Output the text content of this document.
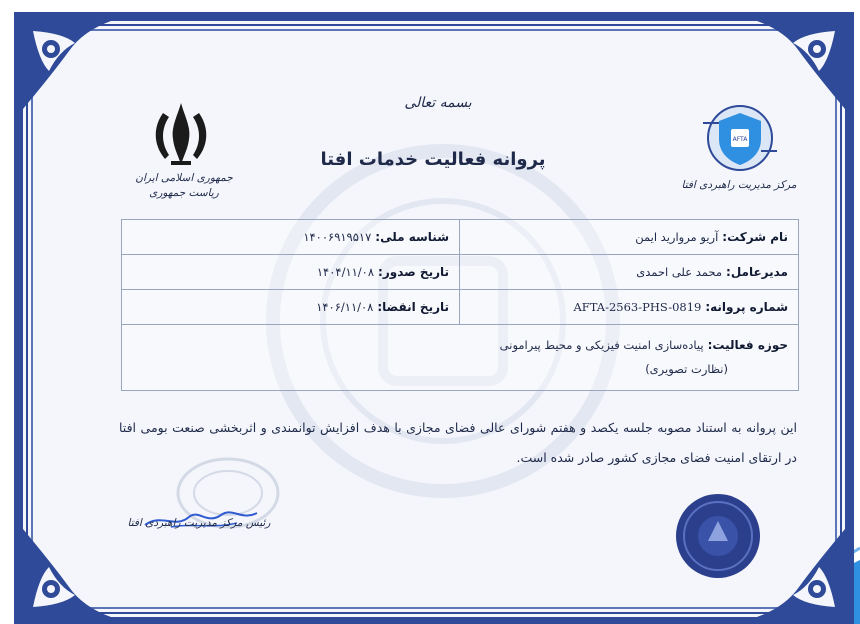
بسمه تعالی
پروانه فعالیت خدمات افتا
جمهوری اسلامی ایران
ریاست جمهوری
AFTA
مرکز مدیریت راهبردی افتا
نام شرکت:
آریو مروارید ایمن
شناسه ملی:
۱۴۰۰۶۹۱۹۵۱۷
مدیرعامل:
محمد علی احمدی
تاریخ صدور:
۱۴۰۴/۱۱/۰۸
شماره پروانه:
AFTA-2563-PHS-0819
تاریخ انقضا:
۱۴۰۶/۱۱/۰۸
حوزه فعالیت:
پیاده‌سازی امنیت فیزیکی و محیط پیرامونی
(نظارت تصویری)
این پروانه به استناد مصوبه جلسه یکصد و هفتم شورای عالی فضای مجازی با هدف افزایش توانمندی و اثربخشی صنعت بومی افتا در ارتقای امنیت فضای مجازی کشور صادر شده است.
رئیس مرکز مدیریت راهبردی افتا
